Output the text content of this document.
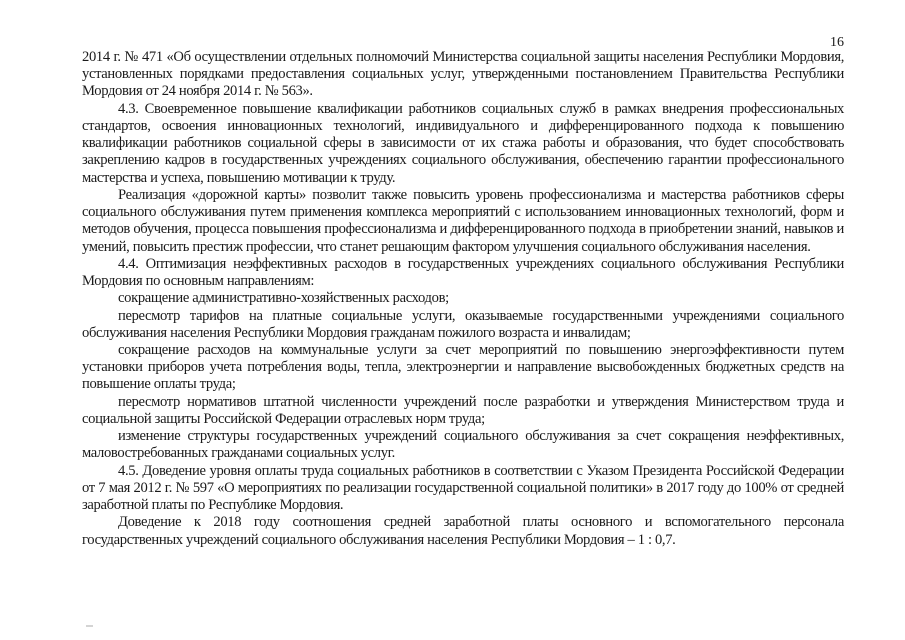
16

2014 г. № 471 «Об осуществлении отдельных полномочий Министерства социальной защиты населения Республики Мордовия, установленных порядками предоставления социальных услуг, утвержденными постановлением Правительства Республики Мордовия от 24 ноября 2014 г. № 563».

4.3. Своевременное повышение квалификации работников социальных служб в рамках внедрения профессиональных стандартов, освоения инновационных технологий, индивидуального и дифференцированного подхода к повышению квалификации работников социальной сферы в зависимости от их стажа работы и образования, что будет способствовать закреплению кадров в государственных учреждениях социального обслуживания, обеспечению гарантии профессионального мастерства и успеха, повышению мотивации к труду.

Реализация «дорожной карты» позволит также повысить уровень профессионализма и мастерства работников сферы социального обслуживания путем применения комплекса мероприятий с использованием инновационных технологий, форм и методов обучения, процесса повышения профессионализма и дифференцированного подхода в приобретении знаний, навыков и умений, повысить престиж профессии, что станет решающим фактором улучшения социального обслуживания населения.

4.4. Оптимизация неэффективных расходов в государственных учреждениях социального обслуживания Республики Мордовия по основным направлениям:

сокращение административно-хозяйственных расходов;

пересмотр тарифов на платные социальные услуги, оказываемые государственными учреждениями социального обслуживания населения Республики Мордовия гражданам пожилого возраста и инвалидам;

сокращение расходов на коммунальные услуги за счет мероприятий по повышению энергоэффективности путем установки приборов учета потребления воды, тепла, электроэнергии и направление высвобожденных бюджетных средств на повышение оплаты труда;

пересмотр нормативов штатной численности учреждений после разработки и утверждения Министерством труда и социальной защиты Российской Федерации отраслевых норм труда;

изменение структуры государственных учреждений социального обслуживания за счет сокращения неэффективных, маловостребованных гражданами социальных услуг.

4.5. Доведение уровня оплаты труда социальных работников в соответствии с Указом Президента Российской Федерации от 7 мая 2012 г. № 597 «О мероприятиях по реализации государственной социальной политики» в 2017 году до 100% от средней заработной платы по Республике Мордовия.

Доведение к 2018 году соотношения средней заработной платы основного и вспомогательного персонала государственных учреждений социального обслуживания населения Республики Мордовия – 1 : 0,7.
